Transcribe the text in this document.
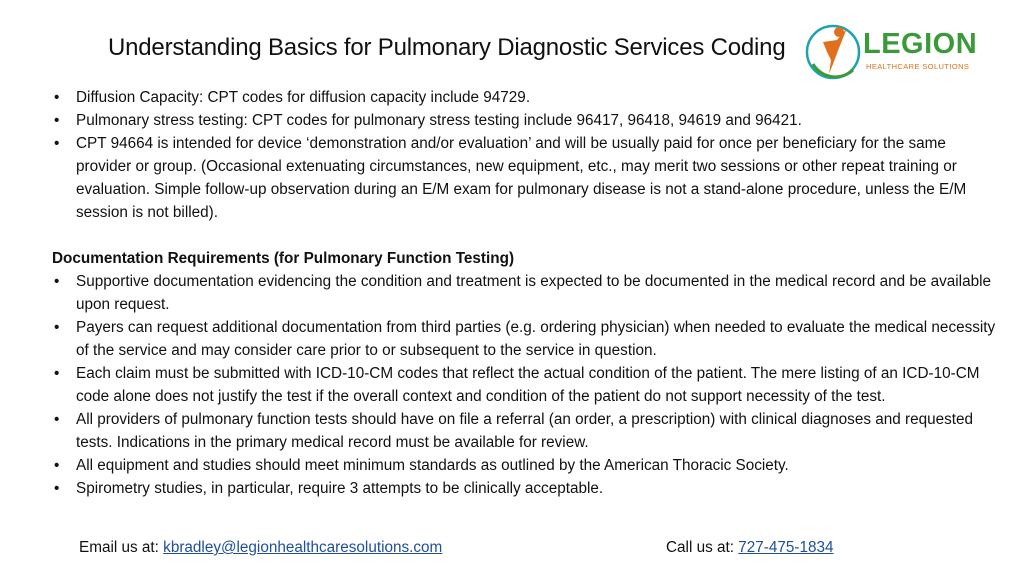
Understanding Basics for Pulmonary Diagnostic Services Coding	LEGION
HEALTHCARE SOLUTIONS
• Diffusion Capacity: CPT codes for diffusion capacity include 94729.
• Pulmonary stress testing: CPT codes for pulmonary stress testing include 96417, 96418, 94619 and 96421.
• CPT 94664 is intended for device ‘demonstration and/or evaluation’ and will be usually paid for once per beneficiary for the same provider or group. (Occasional extenuating circumstances, new equipment, etc., may merit two sessions or other repeat training or evaluation. Simple follow-up observation during an E/M exam for pulmonary disease is not a stand-alone procedure, unless the E/M session is not billed).
Documentation Requirements (for Pulmonary Function Testing)
• Supportive documentation evidencing the condition and treatment is expected to be documented in the medical record and be available upon request.
• Payers can request additional documentation from third parties (e.g. ordering physician) when needed to evaluate the medical necessity of the service and may consider care prior to or subsequent to the service in question.
• Each claim must be submitted with ICD-10-CM codes that reflect the actual condition of the patient. The mere listing of an ICD-10-CM code alone does not justify the test if the overall context and condition of the patient do not support necessity of the test.
• All providers of pulmonary function tests should have on file a referral (an order, a prescription) with clinical diagnoses and requested tests. Indications in the primary medical record must be available for review.
• All equipment and studies should meet minimum standards as outlined by the American Thoracic Society.
• Spirometry studies, in particular, require 3 attempts to be clinically acceptable.
Email us at: kbradley@legionhealthcaresolutions.com	Call us at: 727-475-1834
